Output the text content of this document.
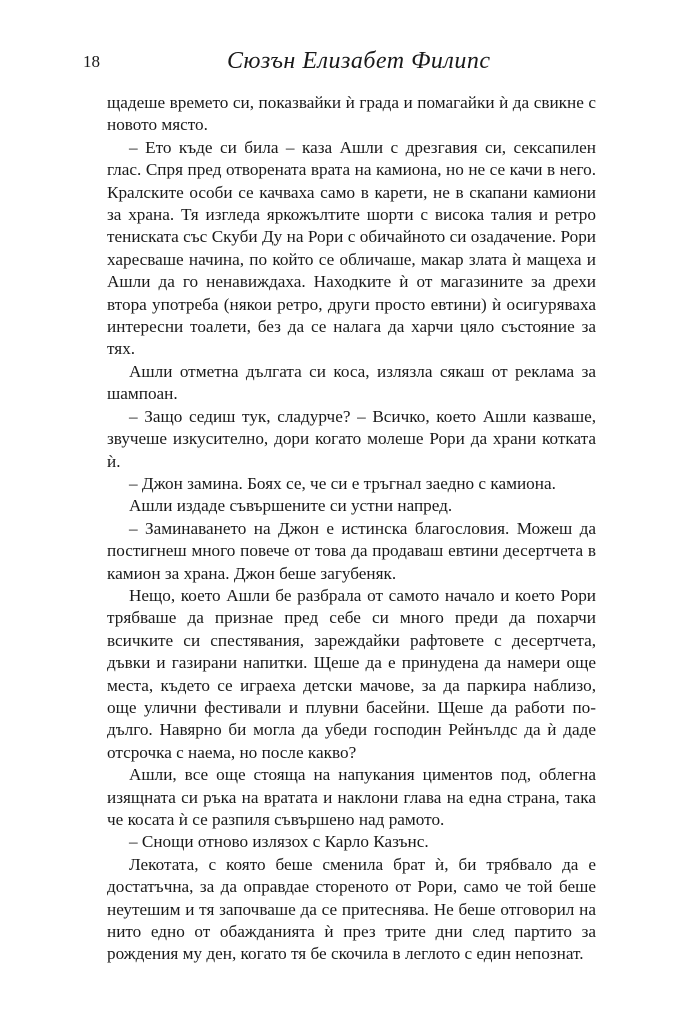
18	Сюзън Елизабет Филипс

щадеше времето си, показвайки ѝ града и помагайки ѝ да свикне с новото място.

– Ето къде си била – каза Ашли с дрезгавия си, сексапилен глас. Спря пред отворената врата на камиона, но не се качи в него. Кралските особи се качваха само в карети, не в скапани камиони за храна. Тя изгледа яркожълтите шорти с висока талия и ретро тениската със Скуби Ду на Рори с обичайното си озадачение. Рори харесваше начина, по който се обличаше, макар злата ѝ мащеха и Ашли да го ненавиждаха. Находките ѝ от магазините за дрехи втора употреба (някои ретро, други просто евтини) ѝ осигуряваха интересни тоалети, без да се налага да харчи цяло състояние за тях.

Ашли отметна дългата си коса, излязла сякаш от реклама за шампоан.

– Защо седиш тук, сладурче? – Всичко, което Ашли казваше, звучеше изкусително, дори когато молеше Рори да храни котката ѝ.

– Джон замина. Боях се, че си е тръгнал заедно с камиона.

Ашли издаде съвършените си устни напред.

– Заминаването на Джон е истинска благословия. Можеш да постигнеш много повече от това да продаваш евтини десертчета в камион за храна. Джон беше загубеняк.

Нещо, което Ашли бе разбрала от самото начало и което Рори трябваше да признае пред себе си много преди да похарчи всичките си спестявания, зареждайки рафтовете с десертчета, дъвки и газирани напитки. Щеше да е принудена да намери още места, където се играеха детски мачове, за да паркира наблизо, още улични фестивали и плувни басейни. Щеше да работи по-дълго. Навярно би могла да убеди господин Рейнълдс да ѝ даде отсрочка с наема, но после какво?

Ашли, все още стояща на напукания циментов под, облегна изящната си ръка на вратата и наклони глава на една страна, така че косата ѝ се разпиля съвършено над рамото.

– Снощи отново излязох с Карло Казънс.

Лекотата, с която беше сменила брат ѝ, би трябвало да е достатъчна, за да оправдае стореното от Рори, само че той беше неутешим и тя започваше да се притеснява. Не беше отговорил на нито едно от обажданията ѝ през трите дни след партито за рождения му ден, когато тя бе скочила в леглото с един непознат.
